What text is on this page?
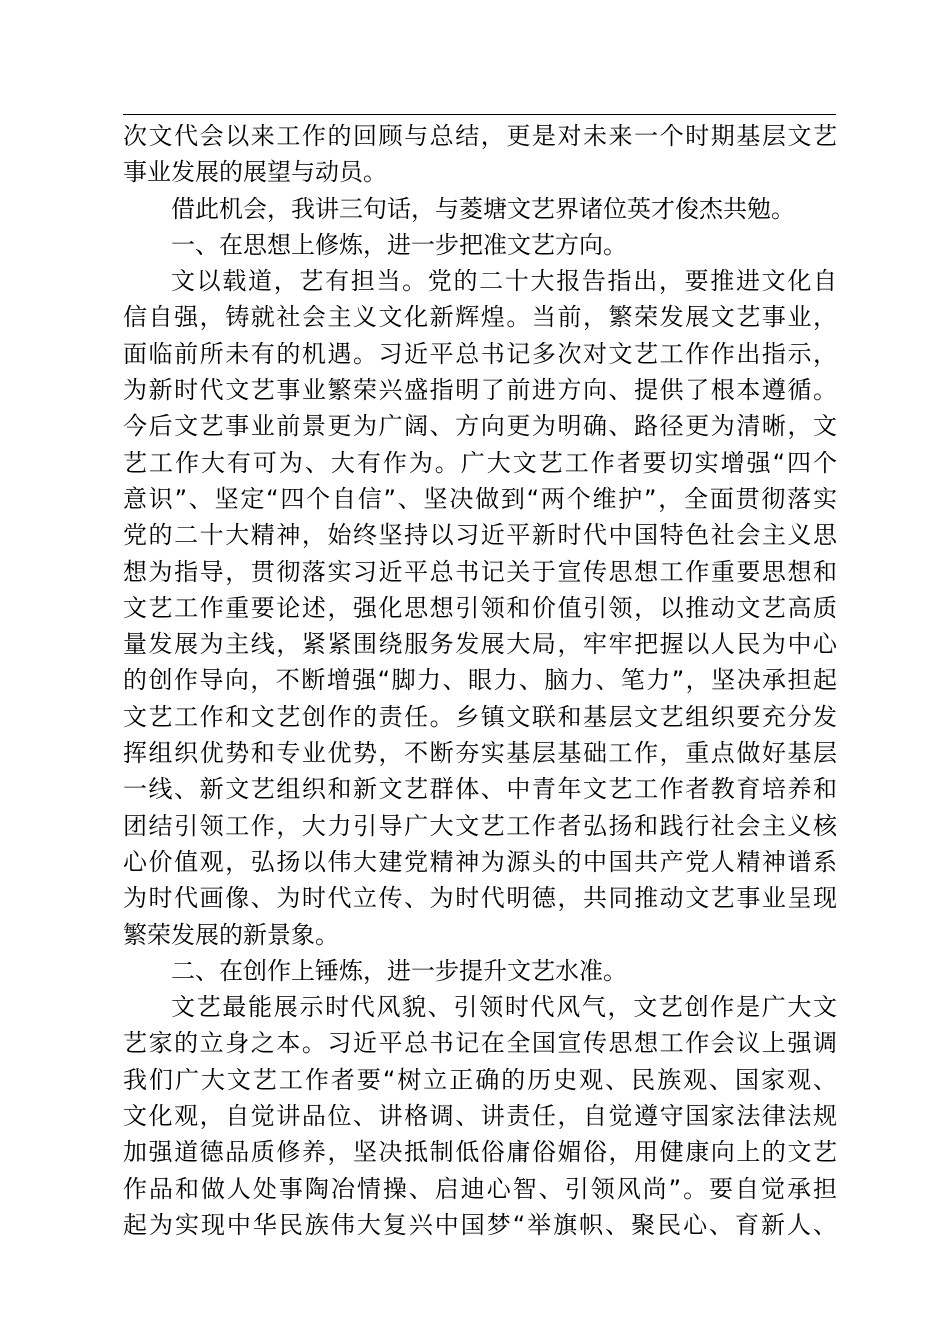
次文代会以来工作的回顾与总结，更是对未来一个时期基层文艺
事业发展的展望与动员。
借此机会，我讲三句话，与菱塘文艺界诸位英才俊杰共勉。
一、在思想上修炼，进一步把准文艺方向。
文以载道，艺有担当。党的二十大报告指出，要推进文化自
信自强，铸就社会主义文化新辉煌。当前，繁荣发展文艺事业，
面临前所未有的机遇。习近平总书记多次对文艺工作作出指示，
为新时代文艺事业繁荣兴盛指明了前进方向、提供了根本遵循。
今后文艺事业前景更为广阔、方向更为明确、路径更为清晰，文
艺工作大有可为、大有作为。广大文艺工作者要切实增强“四个
意识”、坚定“四个自信”、坚决做到“两个维护”，全面贯彻落实
党的二十大精神，始终坚持以习近平新时代中国特色社会主义思
想为指导，贯彻落实习近平总书记关于宣传思想工作重要思想和
文艺工作重要论述，强化思想引领和价值引领，以推动文艺高质
量发展为主线，紧紧围绕服务发展大局，牢牢把握以人民为中心
的创作导向，不断增强“脚力、眼力、脑力、笔力”，坚决承担起
文艺工作和文艺创作的责任。乡镇文联和基层文艺组织要充分发
挥组织优势和专业优势，不断夯实基层基础工作，重点做好基层
一线、新文艺组织和新文艺群体、中青年文艺工作者教育培养和
团结引领工作，大力引导广大文艺工作者弘扬和践行社会主义核
心价值观，弘扬以伟大建党精神为源头的中国共产党人精神谱系
为时代画像、为时代立传、为时代明德，共同推动文艺事业呈现
繁荣发展的新景象。
二、在创作上锤炼，进一步提升文艺水准。
文艺最能展示时代风貌、引领时代风气，文艺创作是广大文
艺家的立身之本。习近平总书记在全国宣传思想工作会议上强调
我们广大文艺工作者要“树立正确的历史观、民族观、国家观、
文化观，自觉讲品位、讲格调、讲责任，自觉遵守国家法律法规
加强道德品质修养，坚决抵制低俗庸俗媚俗，用健康向上的文艺
作品和做人处事陶冶情操、启迪心智、引领风尚”。要自觉承担
起为实现中华民族伟大复兴中国梦“举旗帜、聚民心、育新人、
